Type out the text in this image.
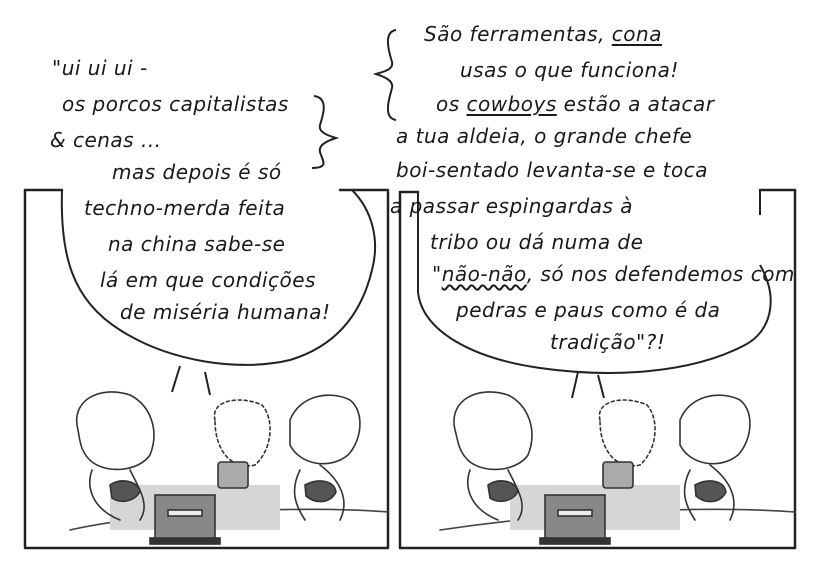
"ui ui ui -
os porcos capitalistas
& cenas ...
mas depois é só
techno-merda feita
na china sabe-se
lá em que condições
de miséria humana!
São ferramentas, cona
usas o que funciona!
os cowboys estão a atacar
a tua aldeia, o grande chefe
boi-sentado levanta-se e toca
a passar espingardas à
tribo ou dá numa de
"não-não, só nos defendemos com
pedras e paus como é da
tradição"?!
